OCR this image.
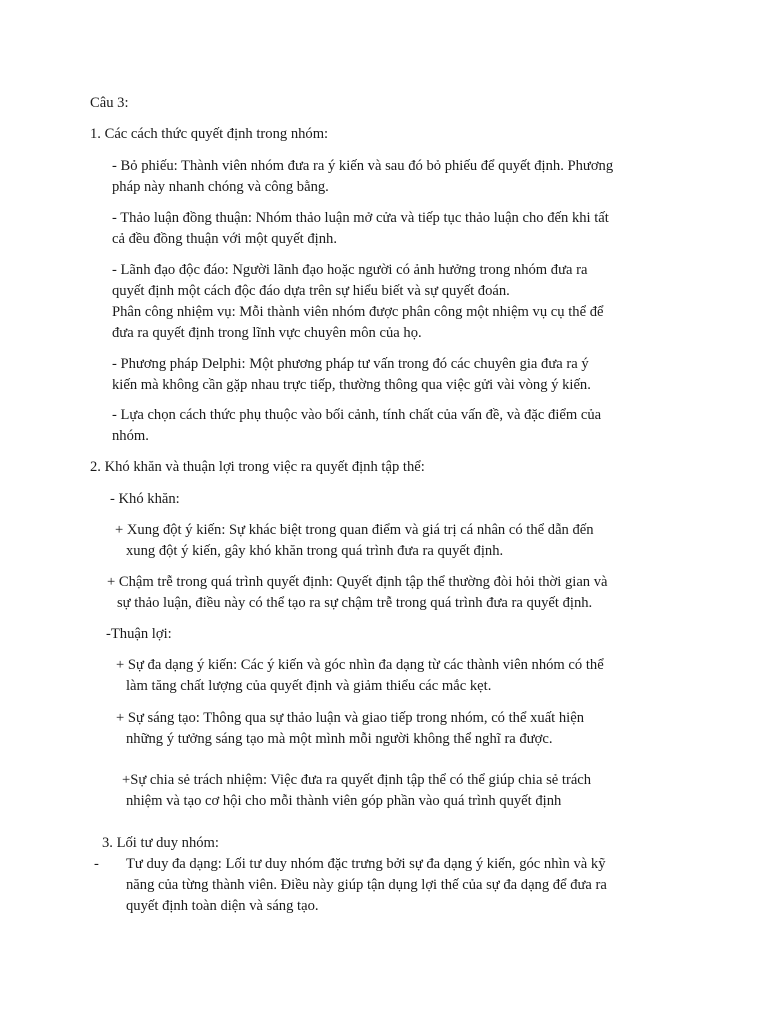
Câu 3:
1. Các cách thức quyết định trong nhóm:
- Bỏ phiếu: Thành viên nhóm đưa ra ý kiến và sau đó bỏ phiếu để quyết định. Phương
pháp này nhanh chóng và công bằng.
- Thảo luận đồng thuận: Nhóm thảo luận mở cửa và tiếp tục thảo luận cho đến khi tất
cả đều đồng thuận với một quyết định.
- Lãnh đạo độc đáo: Người lãnh đạo hoặc người có ảnh hưởng trong nhóm đưa ra
quyết định một cách độc đáo dựa trên sự hiểu biết và sự quyết đoán.
Phân công nhiệm vụ: Mỗi thành viên nhóm được phân công một nhiệm vụ cụ thể để
đưa ra quyết định trong lĩnh vực chuyên môn của họ.
- Phương pháp Delphi: Một phương pháp tư vấn trong đó các chuyên gia đưa ra ý
kiến mà không cần gặp nhau trực tiếp, thường thông qua việc gửi vài vòng ý kiến.
- Lựa chọn cách thức phụ thuộc vào bối cảnh, tính chất của vấn đề, và đặc điểm của
nhóm.
2. Khó khăn và thuận lợi trong việc ra quyết định tập thể:
- Khó khăn:
+ Xung đột ý kiến: Sự khác biệt trong quan điểm và giá trị cá nhân có thể dẫn đến
xung đột ý kiến, gây khó khăn trong quá trình đưa ra quyết định.
+ Chậm trễ trong quá trình quyết định: Quyết định tập thể thường đòi hỏi thời gian và
sự thảo luận, điều này có thể tạo ra sự chậm trễ trong quá trình đưa ra quyết định.
-Thuận lợi:
+ Sự đa dạng ý kiến: Các ý kiến và góc nhìn đa dạng từ các thành viên nhóm có thể
làm tăng chất lượng của quyết định và giảm thiểu các mắc kẹt.
+ Sự sáng tạo: Thông qua sự thảo luận và giao tiếp trong nhóm, có thể xuất hiện
những ý tưởng sáng tạo mà một mình mỗi người không thể nghĩ ra được.
+Sự chia sẻ trách nhiệm: Việc đưa ra quyết định tập thể có thể giúp chia sẻ trách
nhiệm và tạo cơ hội cho mỗi thành viên góp phần vào quá trình quyết định
3. Lối tư duy nhóm:
- Tư duy đa dạng: Lối tư duy nhóm đặc trưng bởi sự đa dạng ý kiến, góc nhìn và kỹ
năng của từng thành viên. Điều này giúp tận dụng lợi thế của sự đa dạng để đưa ra
quyết định toàn diện và sáng tạo.
